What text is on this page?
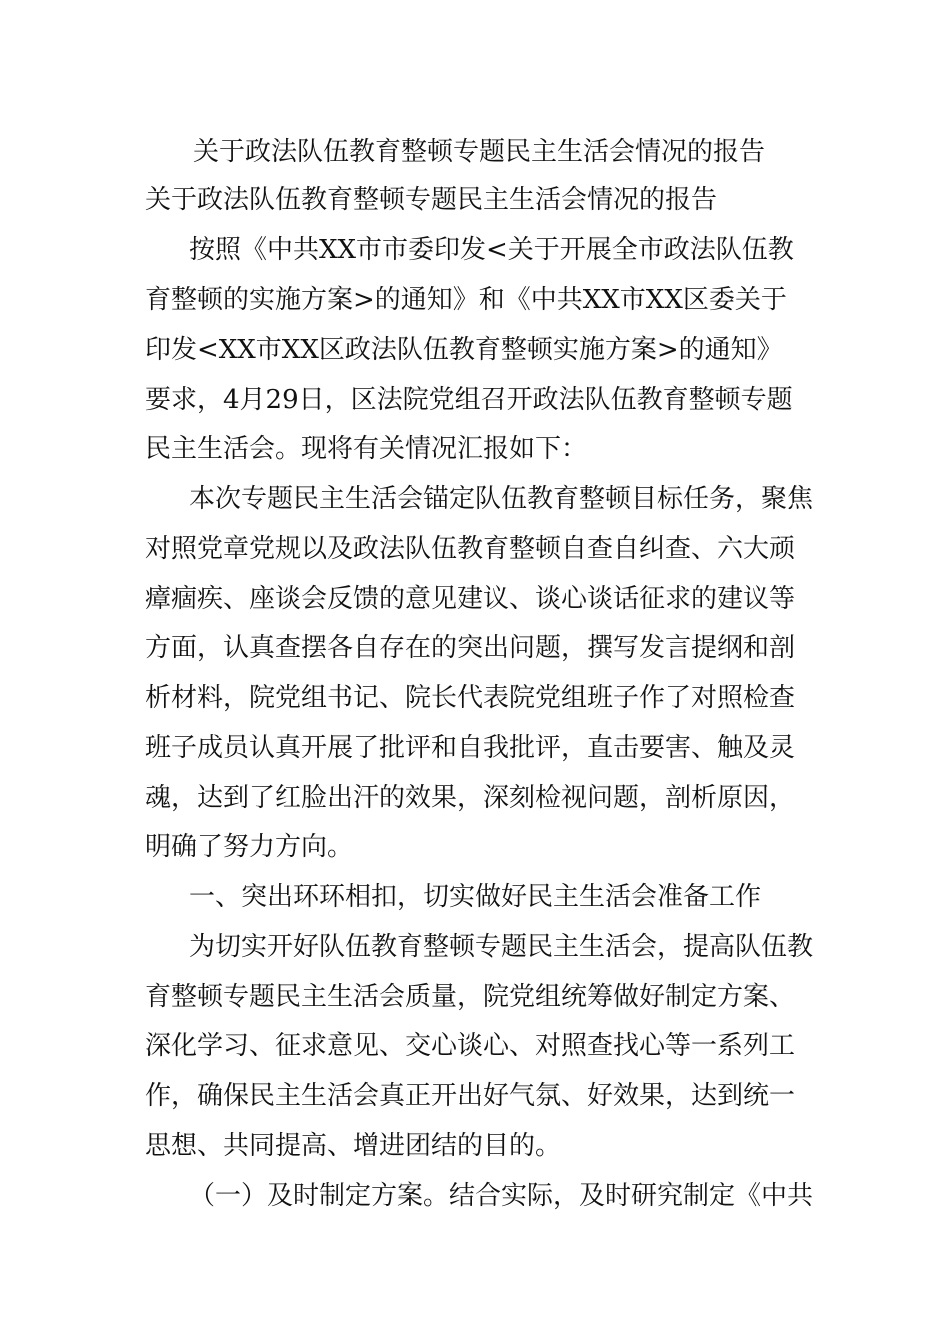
关于政法队伍教育整顿专题民主生活会情况的报告
关于政法队伍教育整顿专题民主生活会情况的报告
按照《中共XX市市委印发<关于开展全市政法队伍教
育整顿的实施方案>的通知》和《中共XX市XX区委关于
印发<XX市XX区政法队伍教育整顿实施方案>的通知》
要求，4月29日，区法院党组召开政法队伍教育整顿专题
民主生活会。现将有关情况汇报如下：
本次专题民主生活会锚定队伍教育整顿目标任务，聚焦
对照党章党规以及政法队伍教育整顿自查自纠查、六大顽
瘴痼疾、座谈会反馈的意见建议、谈心谈话征求的建议等
方面，认真查摆各自存在的突出问题，撰写发言提纲和剖
析材料，院党组书记、院长代表院党组班子作了对照检查
班子成员认真开展了批评和自我批评，直击要害、触及灵
魂，达到了红脸出汗的效果，深刻检视问题，剖析原因，
明确了努力方向。
一、突出环环相扣，切实做好民主生活会准备工作
为切实开好队伍教育整顿专题民主生活会，提高队伍教
育整顿专题民主生活会质量，院党组统筹做好制定方案、
深化学习、征求意见、交心谈心、对照查找心等一系列工
作，确保民主生活会真正开出好气氛、好效果，达到统一
思想、共同提高、增进团结的目的。
（一）及时制定方案。结合实际，及时研究制定《中共
